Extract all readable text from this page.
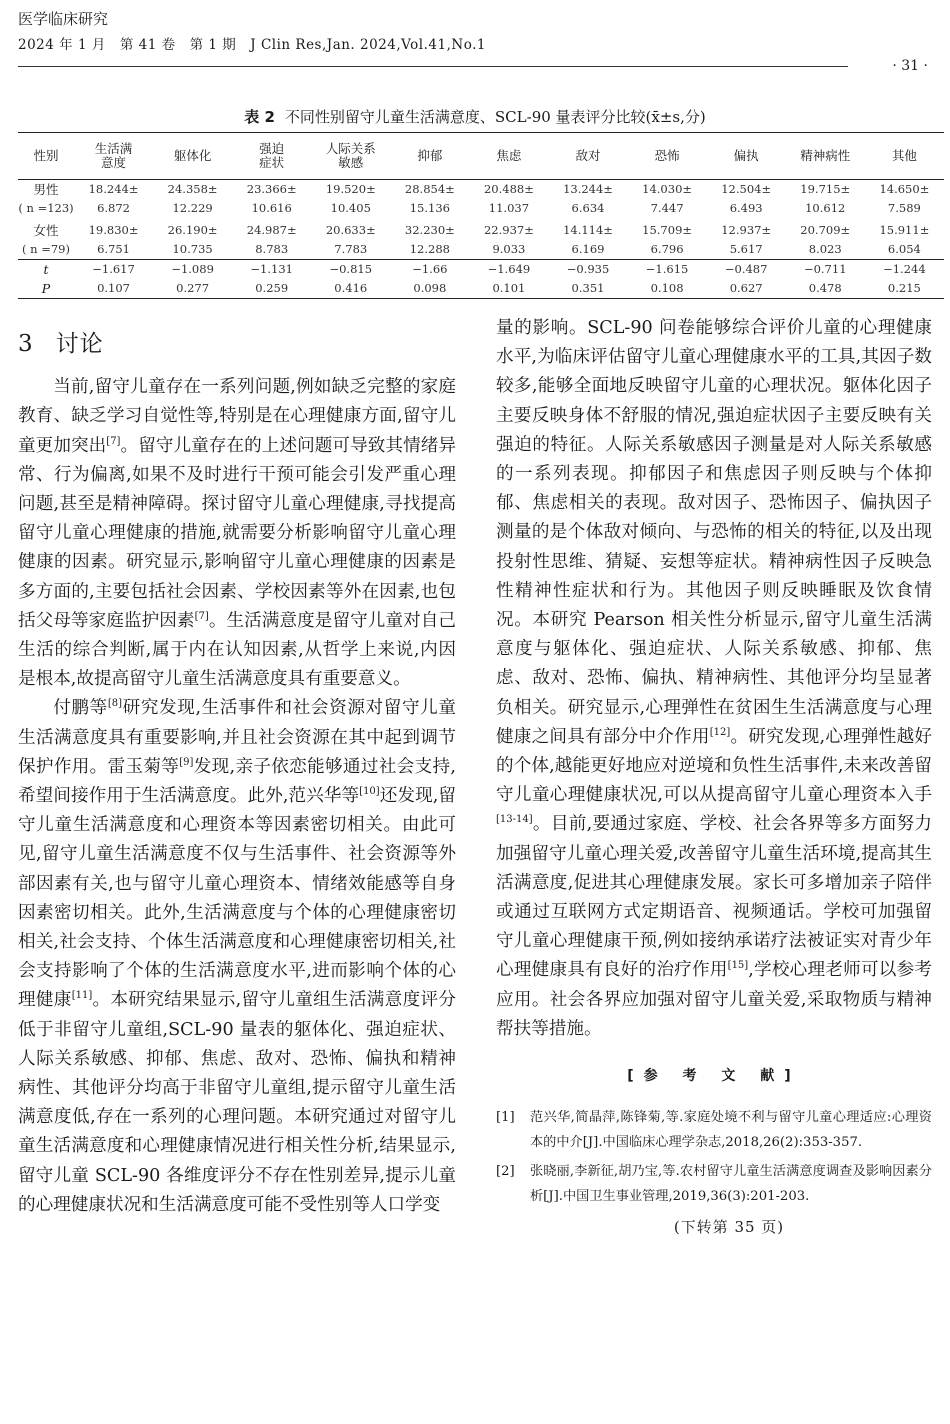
医学临床研究
2024 年 1 月　第 41 卷　第 1 期　J Clin Res,Jan. 2024,Vol.41,No.1
· 31 ·
表 2 不同性别留守儿童生活满意度、SCL-90 量表评分比较(x̄±s,分)
性别	生活满意度	躯体化	强迫症状	人际关系敏感	抑郁	焦虑	敌对	恐怖	偏执	精神病性	其他
男性	18.244±	24.358±	23.366±	19.520±	28.854±	20.488±	13.244±	14.030±	12.504±	19.715±	14.650±
( n =123)	6.872	12.229	10.616	10.405	15.136	11.037	6.634	7.447	6.493	10.612	7.589
女性	19.830±	26.190±	24.987±	20.633±	32.230±	22.937±	14.114±	15.709±	12.937±	20.709±	15.911±
( n =79)	6.751	10.735	8.783	7.783	12.288	9.033	6.169	6.796	5.617	8.023	6.054
t	−1.617	−1.089	−1.131	−0.815	−1.66	−1.649	−0.935	−1.615	−0.487	−0.711	−1.244
P	0.107	0.277	0.259	0.416	0.098	0.101	0.351	0.108	0.627	0.478	0.215
3 讨论

当前,留守儿童存在一系列问题,例如缺乏完整的家庭教育、缺乏学习自觉性等,特别是在心理健康方面,留守儿童更加突出[7]。留守儿童存在的上述问题可导致其情绪异常、行为偏离,如果不及时进行干预可能会引发严重心理问题,甚至是精神障碍。探讨留守儿童心理健康,寻找提高留守儿童心理健康的措施,就需要分析影响留守儿童心理健康的因素。研究显示,影响留守儿童心理健康的因素是多方面的,主要包括社会因素、学校因素等外在因素,也包括父母等家庭监护因素[7]。生活满意度是留守儿童对自己生活的综合判断,属于内在认知因素,从哲学上来说,内因是根本,故提高留守儿童生活满意度具有重要意义。

付鹏等[8]研究发现,生活事件和社会资源对留守儿童生活满意度具有重要影响,并且社会资源在其中起到调节保护作用。雷玉菊等[9]发现,亲子依恋能够通过社会支持,希望间接作用于生活满意度。此外,范兴华等[10]还发现,留守儿童生活满意度和心理资本等因素密切相关。由此可见,留守儿童生活满意度不仅与生活事件、社会资源等外部因素有关,也与留守儿童心理资本、情绪效能感等自身因素密切相关。此外,生活满意度与个体的心理健康密切相关,社会支持、个体生活满意度和心理健康密切相关,社会支持影响了个体的生活满意度水平,进而影响个体的心理健康[11]。本研究结果显示,留守儿童组生活满意度评分低于非留守儿童组,SCL-90 量表的躯体化、强迫症状、人际关系敏感、抑郁、焦虑、敌对、恐怖、偏执和精神病性、其他评分均高于非留守儿童组,提示留守儿童生活满意度低,存在一系列的心理问题。本研究通过对留守儿童生活满意度和心理健康情况进行相关性分析,结果显示,留守儿童 SCL-90 各维度评分不存在性别差异,提示儿童的心理健康状况和生活满意度可能不受性别等人口学变

量的影响。SCL-90 问卷能够综合评价儿童的心理健康水平,为临床评估留守儿童心理健康水平的工具,其因子数较多,能够全面地反映留守儿童的心理状况。躯体化因子主要反映身体不舒服的情况,强迫症状因子主要反映有关强迫的特征。人际关系敏感因子测量是对人际关系敏感的一系列表现。抑郁因子和焦虑因子则反映与个体抑郁、焦虑相关的表现。敌对因子、恐怖因子、偏执因子测量的是个体敌对倾向、与恐怖的相关的特征,以及出现投射性思维、猜疑、妄想等症状。精神病性因子反映急性精神性症状和行为。其他因子则反映睡眠及饮食情况。本研究 Pearson 相关性分析显示,留守儿童生活满意度与躯体化、强迫症状、人际关系敏感、抑郁、焦虑、敌对、恐怖、偏执、精神病性、其他评分均呈显著负相关。研究显示,心理弹性在贫困生生活满意度与心理健康之间具有部分中介作用[12]。研究发现,心理弹性越好的个体,越能更好地应对逆境和负性生活事件,未来改善留守儿童心理健康状况,可以从提高留守儿童心理资本入手[13-14]。目前,要通过家庭、学校、社会各界等多方面努力加强留守儿童心理关爱,改善留守儿童生活环境,提高其生活满意度,促进其心理健康发展。家长可多增加亲子陪伴或通过互联网方式定期语音、视频通话。学校可加强留守儿童心理健康干预,例如接纳承诺疗法被证实对青少年心理健康具有良好的治疗作用[15],学校心理老师可以参考应用。社会各界应加强对留守儿童关爱,采取物质与精神帮扶等措施。

[参 考 文 献]
[1]	范兴华,简晶萍,陈锋菊,等.家庭处境不利与留守儿童心理适应:心理资本的中介[J].中国临床心理学杂志,2018,26(2):353-357.
[2]	张晓丽,李新征,胡乃宝,等.农村留守儿童生活满意度调查及影响因素分析[J].中国卫生事业管理,2019,36(3):201-203.
(下转第 35 页)
